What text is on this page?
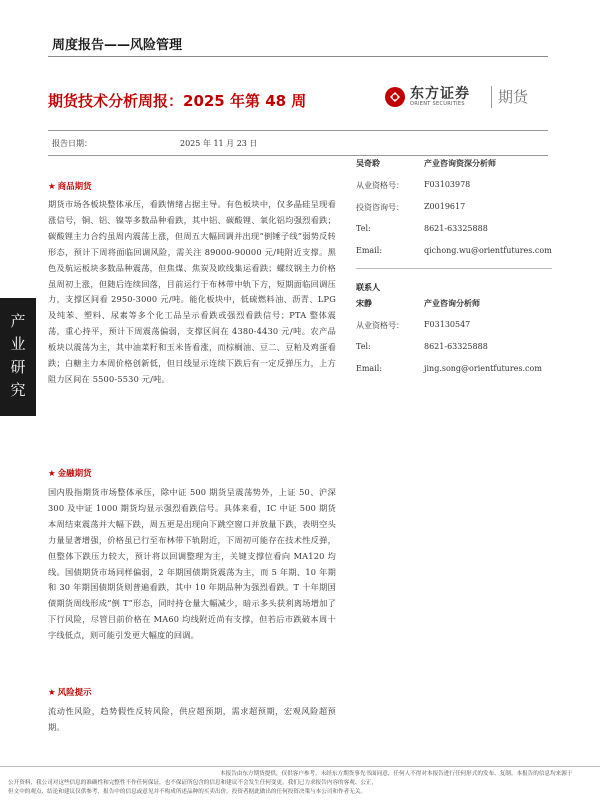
周度报告——风险管理
期货技术分析周报：2025 年第 48 周	东方证券
ORIENT SECURITIES 期货
报告日期：	2025 年 11 月 23 日
产业研究
★ 商品期货
期货市场各板块整体承压，看跌情绪占据主导。有色板块中，仅多晶硅呈现看涨信号，铜、铝、镍等多数品种看跌，其中铝、碳酸锂、氧化铝均强烈看跌；碳酸锂主力合约虽周内震荡上涨，但周五大幅回调并出现“倒锤子线”弱势反转形态，预计下周将面临回调风险，需关注 89000-90000 元/吨附近支撑。黑色及航运板块多数品种震荡，但焦煤、焦炭及欧线集运看跌；螺纹钢主力价格虽周初上涨，但随后连续回落，目前运行于布林带中轨下方，短期面临回调压力，支撑区间看 2950-3000 元/吨。能化板块中，低硫燃料油、沥青、LPG 及纯苯、塑料、尿素等多个化工品呈示看跌或强烈看跌信号；PTA 整体震荡，重心持平，预计下周震荡偏弱，支撑区间在 4380-4430 元/吨。农产品板块以震荡为主，其中油菜籽和玉米皆看涨，而棕榈油、豆二、豆粕及鸡蛋看跌；白糖主力本周价格创新低，但日线显示连续下跌后有一定反弹压力，上方阻力区间在 5500-5530 元/吨。
★ 金融期货
国内股指期货市场整体承压，除中证 500 期货呈震荡势外，上证 50、沪深 300 及中证 1000 期货均显示强烈看跌信号。具体来看，IC 中证 500 期货本周结束震荡并大幅下跌，周五更是出现向下跳空窗口并放量下跌，表明空头力量显著增强，价格虽已行至布林带下轨附近，下周初可能存在技术性反弹，但整体下跌压力较大，预计将以回调整理为主，关键支撑位看向 MA120 均线。国债期货市场同样偏弱，2 年期国债期货震荡为主，而 5 年期、10 年期和 30 年期国债期货则普遍看跌，其中 10 年期品种为强烈看跌。T 十年期国债期货周线形成“倒 T”形态，同时持仓量大幅减少，暗示多头获利离场增加了下行风险，尽管目前价格在 MA60 均线附近尚有支撑，但若后市跌破本周十字线低点，则可能引发更大幅度的回调。
★ 风险提示
流动性风险，趋势假性反转风险，供应超预期，需求超预期，宏观风险超预期。
吴奇聆	产业咨询资深分析师
从业资格号：	F03103978
投资咨询号：	Z0019617
Tel:	8621-63325888
Email:	qichong.wu@orientfutures.com
联系人
宋静	产业咨询分析师
从业资格号：	F03130547
Tel:	8621-63325888
Email:	jing.song@orientfutures.com
本报告由东方期货提供，仅供客户参考。未经东方期货事先书面同意，任何人不得对本报告进行任何形式的发布、复制。本报告的信息均来源于
公开资料，我公司对这些信息的准确性和完整性不作任何保证，也不保证所包含的信息和建议不会发生任何变更。我们已力求报告内容的客观、公正，
但文中的观点、结论和建议仅供参考，报告中的信息或意见并不构成所述品种的买卖出价，投资者据此做出的任何投资决策与本公司和作者无关。
